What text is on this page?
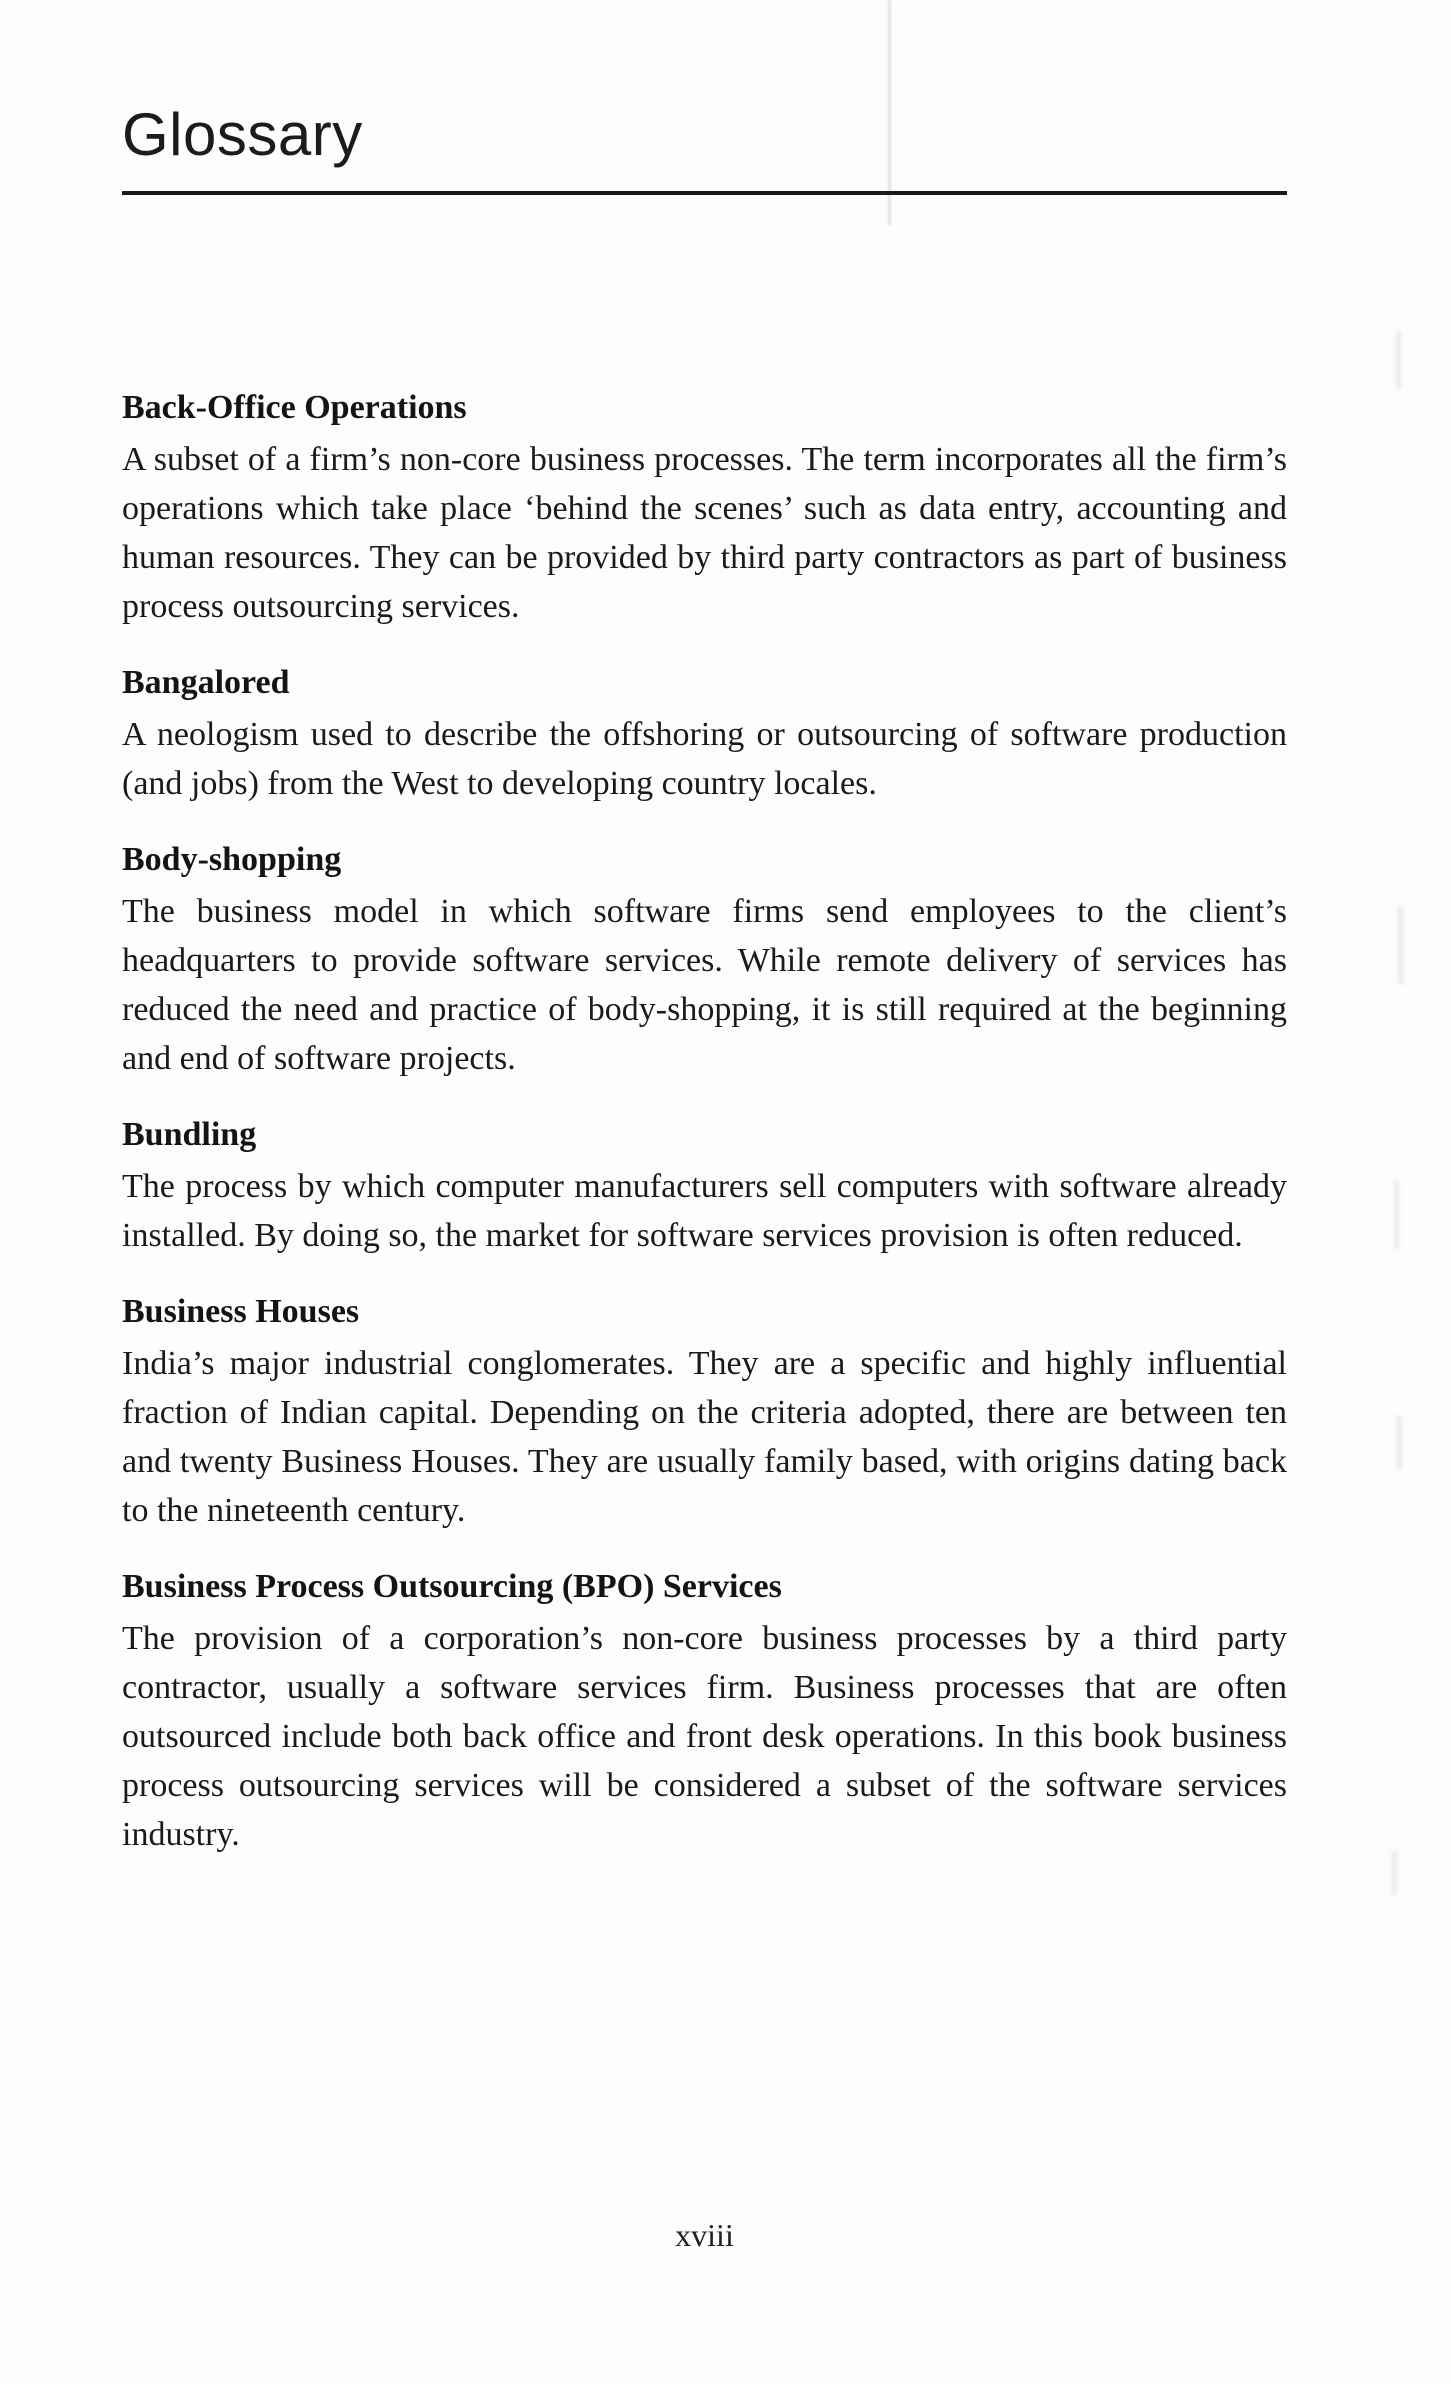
Glossary
Back-Office Operations

A subset of a firm’s non-core business processes. The term incorporates all the firm’s operations which take place ‘behind the scenes’ such as data entry, accounting and human resources. They can be provided by third party contractors as part of business process outsourcing services.

Bangalored

A neologism used to describe the offshoring or outsourcing of software production (and jobs) from the West to developing country locales.

Body-shopping

The business model in which software firms send employees to the client’s headquarters to provide software services. While remote delivery of services has reduced the need and practice of body-shopping, it is still required at the beginning and end of software projects.

Bundling

The process by which computer manufacturers sell computers with software already installed. By doing so, the market for software services provision is often reduced.

Business Houses

India’s major industrial conglomerates. They are a specific and highly influential fraction of Indian capital. Depending on the criteria adopted, there are between ten and twenty Business Houses. They are usually family based, with origins dating back to the nineteenth century.

Business Process Outsourcing (BPO) Services

The provision of a corporation’s non-core business processes by a third party contractor, usually a software services firm. Business processes that are often outsourced include both back office and front desk operations. In this book business process outsourcing services will be considered a subset of the software services industry.

xviii
